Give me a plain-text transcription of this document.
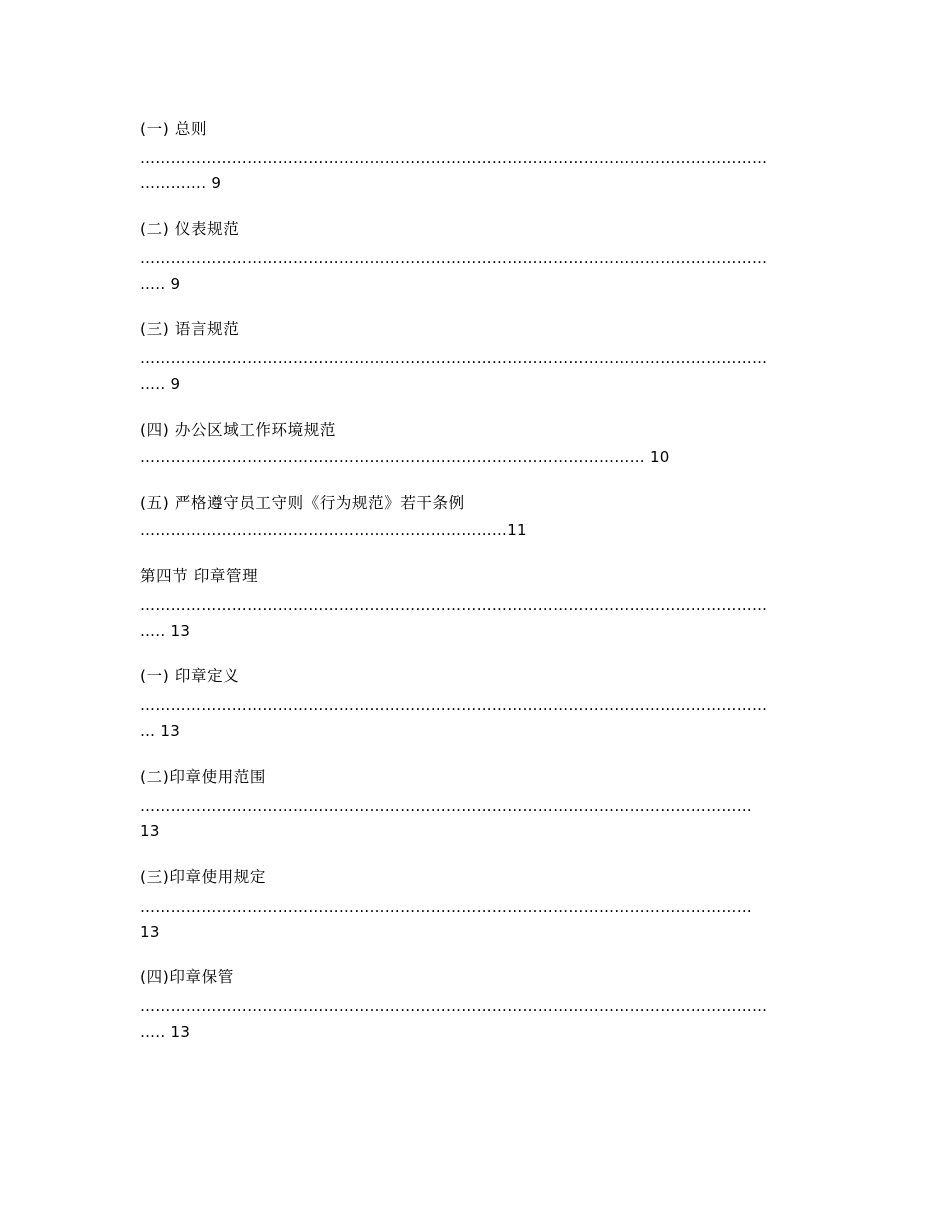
(一) 总则
……………………………………………………………………………………………………………
…………. 9
(二) 仪表规范
……………………………………………………………………………………………………………
….. 9
(三) 语言规范
……………………………………………………………………………………………………………
….. 9
(四) 办公区域工作环境规范
……………………………………………………………………………………… 10
(五) 严格遵守员工守则《行为规范》若干条例
………………………………………………………………11
第四节 印章管理
……………………………………………………………………………………………………………
….. 13
(一) 印章定义
……………………………………………………………………………………………………………
… 13
(二)印章使用范围
…………………………………………………………………………………………………………
13
(三)印章使用规定
…………………………………………………………………………………………………………
13
(四)印章保管
……………………………………………………………………………………………………………
….. 13
